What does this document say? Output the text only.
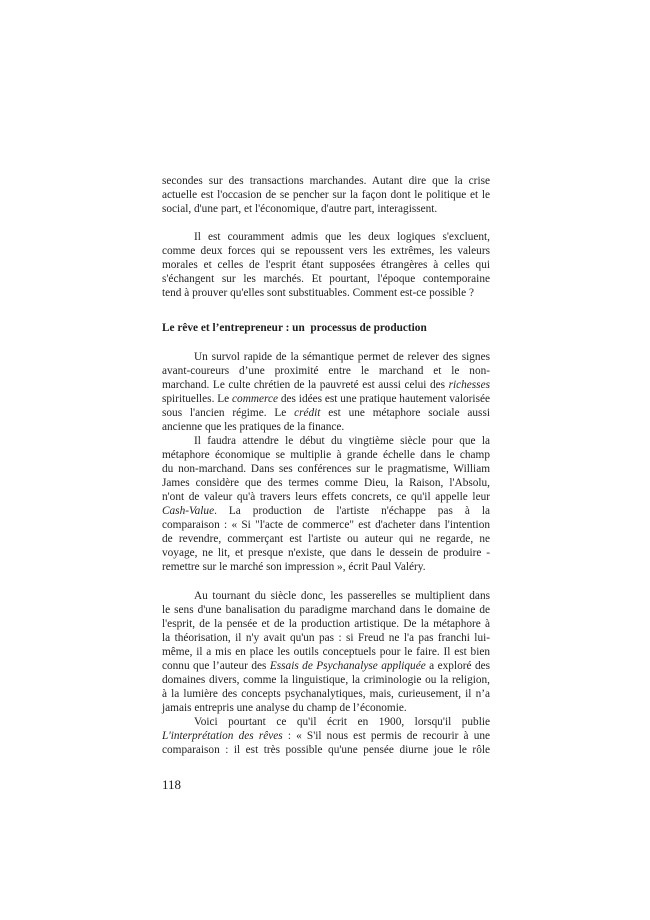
secondes sur des transactions marchandes. Autant dire que la crise
actuelle est l'occasion de se pencher sur la façon dont le politique et le
social, d'une part, et l'économique, d'autre part, interagissent.
Il est couramment admis que les deux logiques s'excluent,
comme deux forces qui se repoussent vers les extrêmes, les valeurs
morales et celles de l'esprit étant supposées étrangères à celles qui
s'échangent sur les marchés. Et pourtant, l'époque contemporaine
tend à prouver qu'elles sont substituables. Comment est-ce possible ?
Le rêve et l’entrepreneur : un  processus de production
Un survol rapide de la sémantique permet de relever des signes
avant-coureurs d’une proximité entre le marchand et le non-
marchand. Le culte chrétien de la pauvreté est aussi celui des richesses
spirituelles. Le commerce des idées est une pratique hautement valorisée
sous l'ancien régime. Le crédit est une métaphore sociale aussi
ancienne que les pratiques de la finance.
Il faudra attendre le début du vingtième siècle pour que la
métaphore économique se multiplie à grande échelle dans le champ
du non-marchand. Dans ses conférences sur le pragmatisme, William
James considère que des termes comme Dieu, la Raison, l'Absolu,
n'ont de valeur qu'à travers leurs effets concrets, ce qu'il appelle leur
Cash-Value. La production de l'artiste n'échappe pas à la
comparaison : « Si "l'acte de commerce" est d'acheter dans l'intention
de revendre, commerçant est l'artiste ou auteur qui ne regarde, ne
voyage, ne lit, et presque n'existe, que dans le dessein de produire -
remettre sur le marché son impression », écrit Paul Valéry.
Au tournant du siècle donc, les passerelles se multiplient dans
le sens d'une banalisation du paradigme marchand dans le domaine de
l'esprit, de la pensée et de la production artistique. De la métaphore à
la théorisation, il n'y avait qu'un pas : si Freud ne l'a pas franchi lui-
même, il a mis en place les outils conceptuels pour le faire. Il est bien
connu que l’auteur des Essais de Psychanalyse appliquée a exploré des
domaines divers, comme la linguistique, la criminologie ou la religion,
à la lumière des concepts psychanalytiques, mais, curieusement, il n’a
jamais entrepris une analyse du champ de l’économie.
Voici pourtant ce qu'il écrit en 1900, lorsqu'il publie
L'interprétation des rêves : « S'il nous est permis de recourir à une
comparaison : il est très possible qu'une pensée diurne joue le rôle
118
